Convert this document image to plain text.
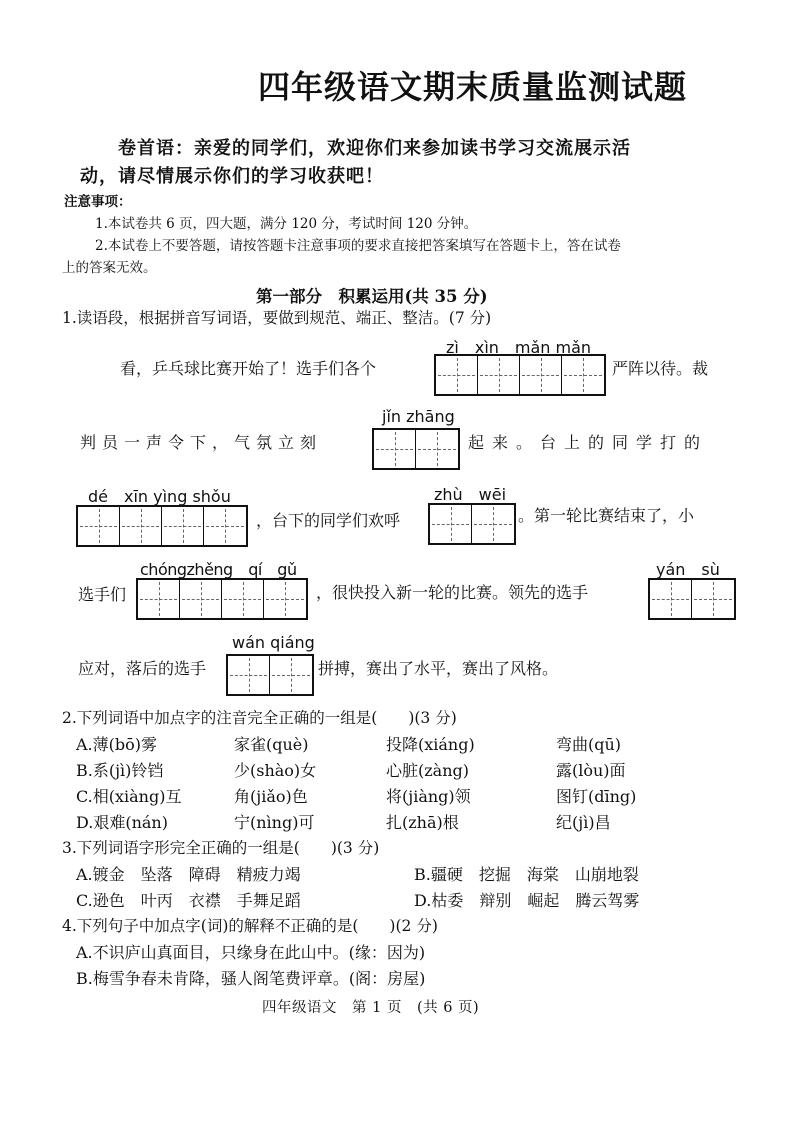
四年级语文期末质量监测试题
卷首语：亲爱的同学们，欢迎你们来参加读书学习交流展示活
动，请尽情展示你们的学习收获吧！
注意事项：
1.本试卷共 6 页，四大题，满分 120 分，考试时间 120 分钟。
2.本试卷上不要答题，请按答题卡注意事项的要求直接把答案填写在答题卡上，答在试卷
上的答案无效。
第一部分　积累运用(共 35 分)
1.读语段，根据拼音写词语，要做到规范、端正、整洁。(7 分)
zì　xìn　mǎn mǎn
看，乒乓球比赛开始了！选手们各个	严阵以待。裁
jǐn zhāng
判员一声令下，气氛立刻	起来。台上的同学打的
dé　xīn yìng shǒu
，台下的同学们欢呼
zhù　wēi
。第一轮比赛结束了，小
选手们
chóngzhěng　qí　gǔ
，很快投入新一轮的比赛。领先的选手
yán　sù
应对，落后的选手
wán qiáng
拼搏，赛出了水平，赛出了风格。
2.下列词语中加点字的注音完全正确的一组是(　　)(3 分)
A.薄(bō)雾	家雀(què)	投降(xiáng)	弯曲(qū)
B.系(jì)铃铛	少(shào)女	心脏(zàng)	露(lòu)面
C.相(xiàng)互	角(jiǎo)色	将(jiàng)领	图钉(dīng)
D.艰难(nán)	宁(nìng)可	扎(zhā)根	纪(jì)昌
3.下列词语字形完全正确的一组是(　　)(3 分)
A.镀金　坠落　障碍　精疲力竭	B.疆硬　挖掘　海棠　山崩地裂
C.逊色　叶丙　衣襟　手舞足蹈	D.枯委　辩别　崛起　腾云驾雾
4.下列句子中加点字(词)的解释不正确的是(　　)(2 分)
A.不识庐山真面目，只缘身在此山中。(缘：因为)
B.梅雪争春未肯降，骚人阁笔费评章。(阁：房屋)
四年级语文　第 1 页　(共 6 页)
